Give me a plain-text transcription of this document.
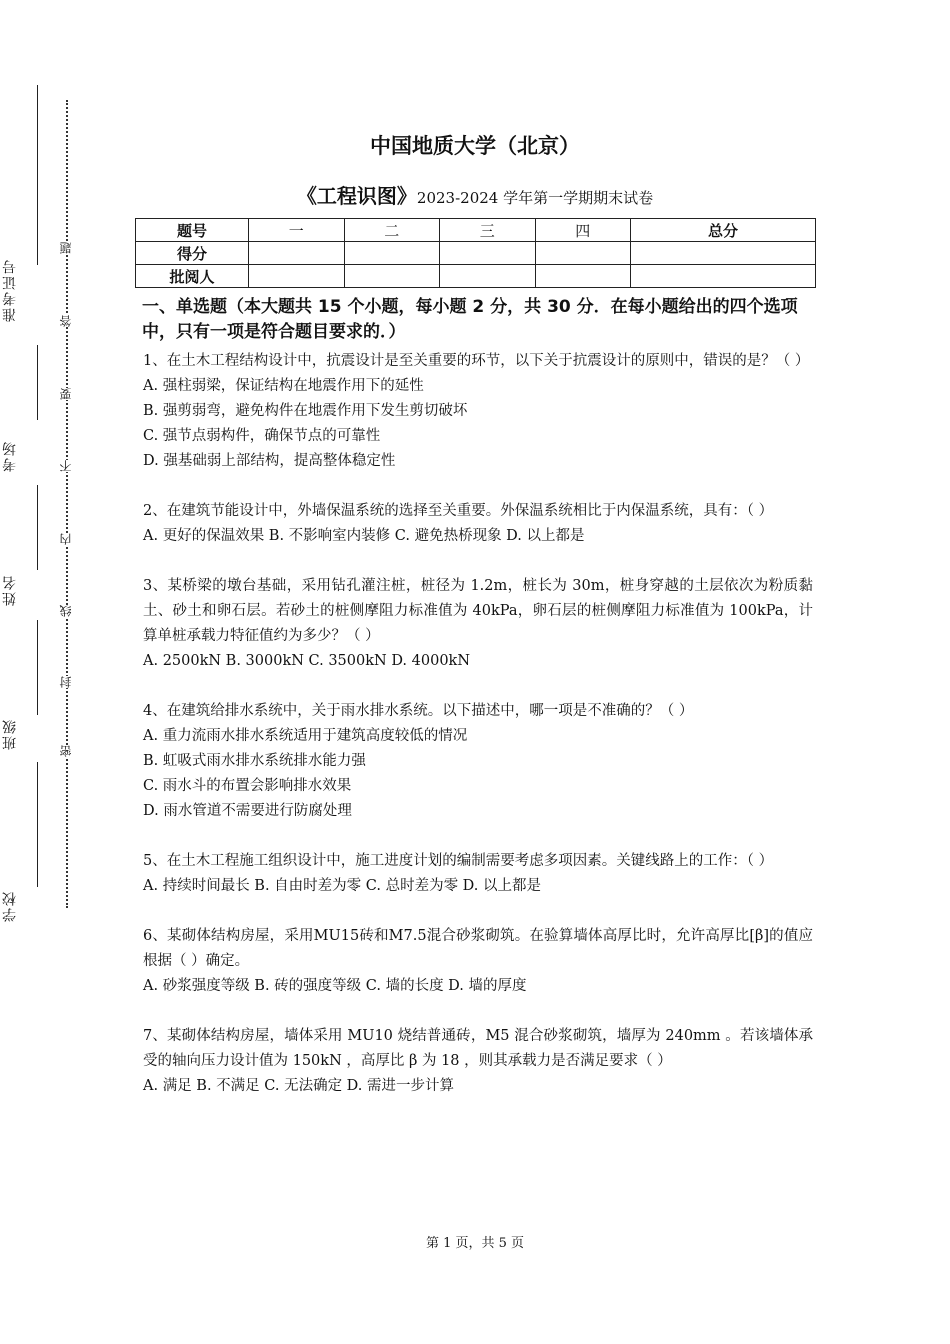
准考证号
考场
姓名
班级
学校
题
答
要
不
内
线
封
密
中国地质大学（北京）
《工程识图》2023-2024 学年第一学期期末试卷
题号	一	二	三	四	总分
得分					
批阅人					
一、单选题（本大题共 15 个小题，每小题 2 分，共 30 分．在每小题给出的四个选项中，只有一项是符合题目要求的．）

1、在土木工程结构设计中，抗震设计是至关重要的环节，以下关于抗震设计的原则中，错误的是？（ ）

A. 强柱弱梁，保证结构在地震作用下的延性

B. 强剪弱弯，避免构件在地震作用下发生剪切破坏

C. 强节点弱构件，确保节点的可靠性

D. 强基础弱上部结构，提高整体稳定性

2、在建筑节能设计中，外墙保温系统的选择至关重要。外保温系统相比于内保温系统，具有：（ ）

A. 更好的保温效果 B. 不影响室内装修 C. 避免热桥现象 D. 以上都是

3、某桥梁的墩台基础，采用钻孔灌注桩，桩径为 1.2m，桩长为 30m，桩身穿越的土层依次为粉质黏土、砂土和卵石层。若砂土的桩侧摩阻力标准值为 40kPa，卵石层的桩侧摩阻力标准值为 100kPa，计算单桩承载力特征值约为多少？（ ）

A. 2500kN B. 3000kN C. 3500kN D. 4000kN

4、在建筑给排水系统中，关于雨水排水系统。以下描述中，哪一项是不准确的？（ ）

A. 重力流雨水排水系统适用于建筑高度较低的情况

B. 虹吸式雨水排水系统排水能力强

C. 雨水斗的布置会影响排水效果

D. 雨水管道不需要进行防腐处理

5、在土木工程施工组织设计中，施工进度计划的编制需要考虑多项因素。关键线路上的工作：（ ）

A. 持续时间最长 B. 自由时差为零 C. 总时差为零 D. 以上都是

6、某砌体结构房屋，采用MU15砖和M7.5混合砂浆砌筑。在验算墙体高厚比时，允许高厚比[β]的值应根据（ ）确定。

A. 砂浆强度等级 B. 砖的强度等级 C. 墙的长度 D. 墙的厚度

7、某砌体结构房屋，墙体采用 MU10 烧结普通砖，M5 混合砂浆砌筑，墙厚为 240mm 。若该墙体承受的轴向压力设计值为 150kN ，高厚比 β 为 18 ，则其承载力是否满足要求（ ）

A. 满足 B. 不满足 C. 无法确定 D. 需进一步计算

第 1 页，共 5 页
